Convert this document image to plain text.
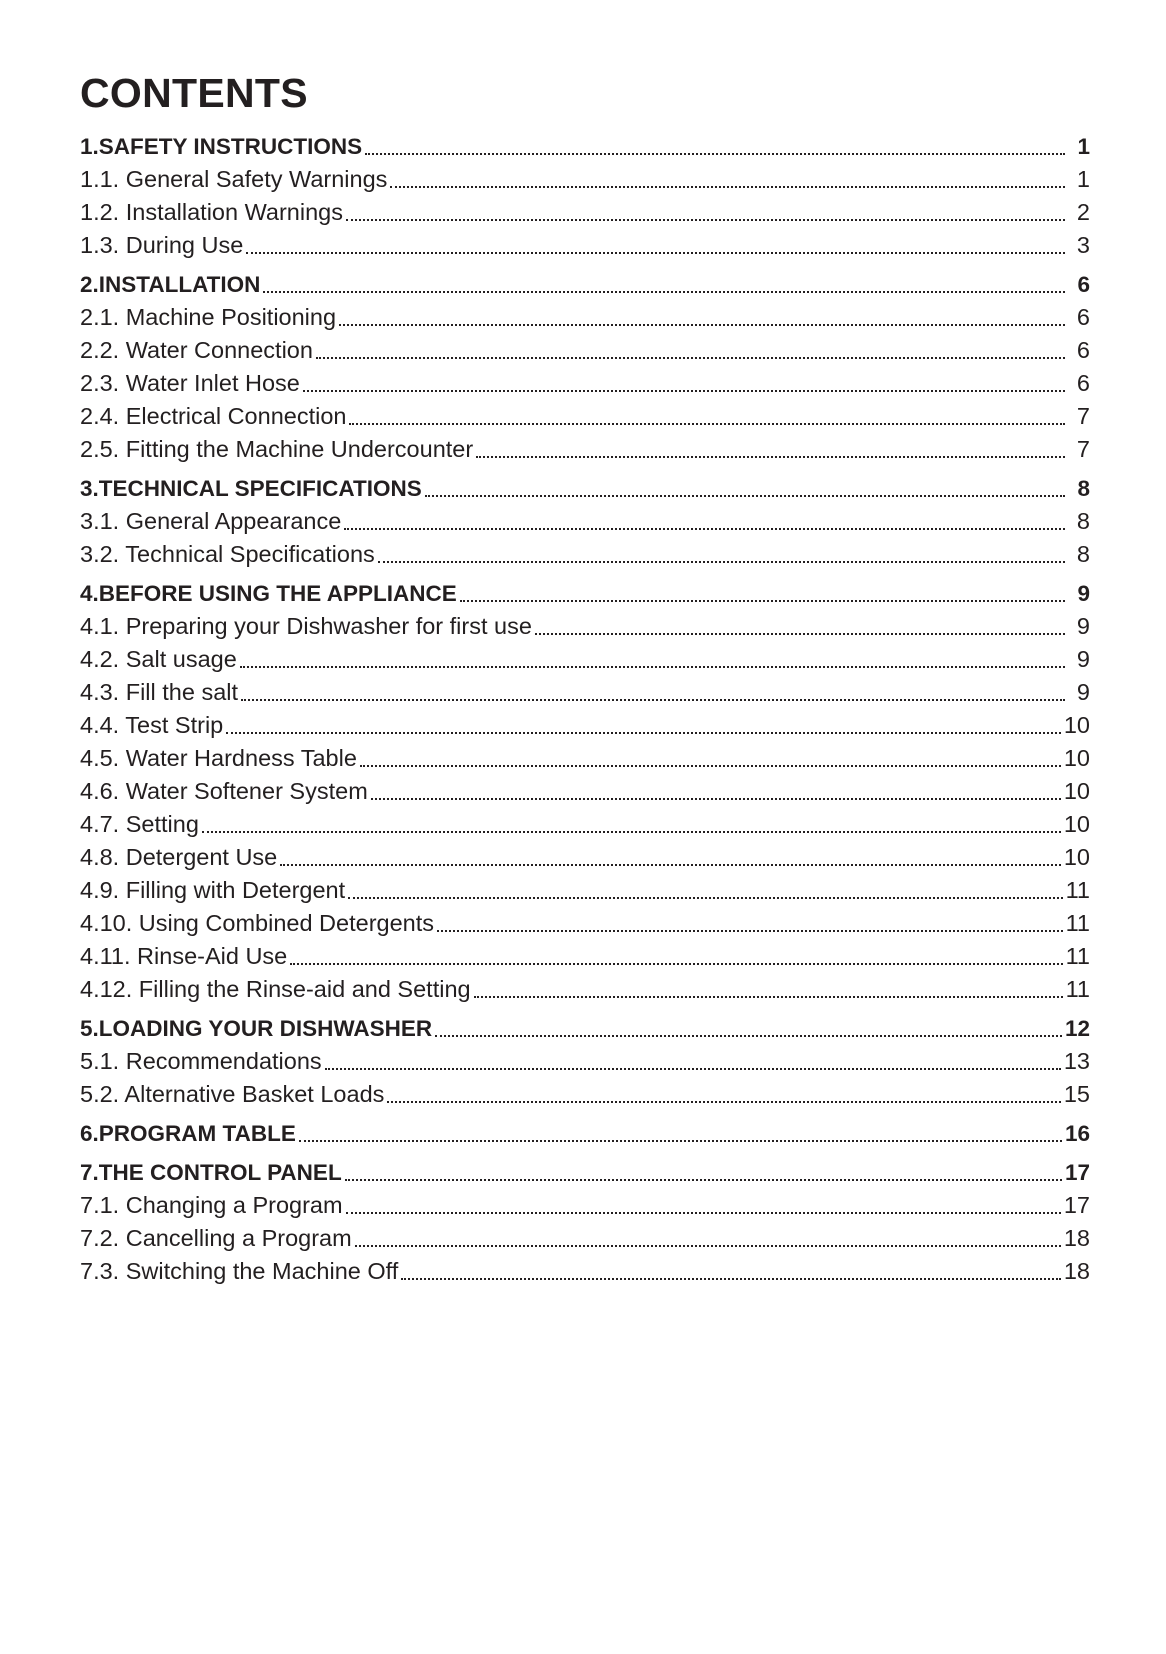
CONTENTS
1.SAFETY INSTRUCTIONS	1
1.1. General Safety Warnings	1
1.2. Installation Warnings	2
1.3. During Use	3
2.INSTALLATION	6
2.1. Machine Positioning	6
2.2. Water Connection	6
2.3. Water Inlet Hose	6
2.4. Electrical Connection	7
2.5. Fitting the Machine Undercounter	7
3.TECHNICAL SPECIFICATIONS	8
3.1. General Appearance	8
3.2. Technical Specifications	8
4.BEFORE USING THE APPLIANCE	9
4.1. Preparing your Dishwasher for first use	9
4.2. Salt usage	9
4.3. Fill the salt	9
4.4. Test Strip	10
4.5. Water Hardness Table	10
4.6. Water Softener System	10
4.7. Setting	10
4.8. Detergent Use	10
4.9. Filling with Detergent	11
4.10. Using Combined Detergents	11
4.11. Rinse-Aid Use	11
4.12. Filling the Rinse-aid and Setting	11
5.LOADING YOUR DISHWASHER	12
5.1. Recommendations	13
5.2. Alternative Basket Loads	15
6.PROGRAM TABLE	16
7.THE CONTROL PANEL	17
7.1. Changing a Program	17
7.2. Cancelling a Program	18
7.3. Switching the Machine Off	18
